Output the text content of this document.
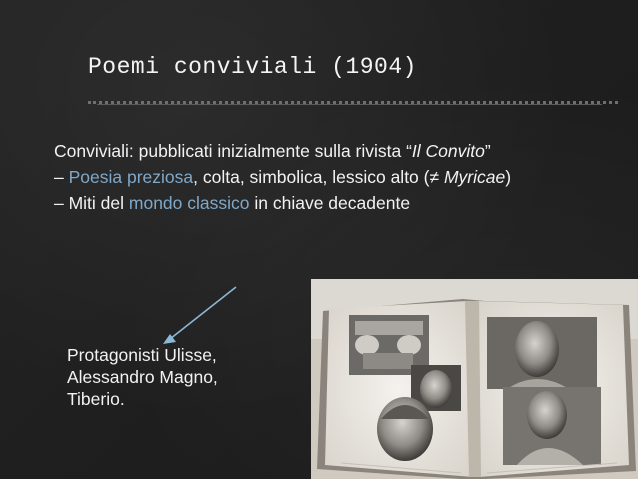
Poemi conviviali (1904)

Conviviali: pubblicati inizialmente sulla rivista “Il Convito”

– Poesia preziosa, colta, simbolica, lessico alto (≠ Myricae)

– Miti del mondo classico in chiave decadente

Protagonisti Ulisse,
Alessandro Magno,
Tiberio.
